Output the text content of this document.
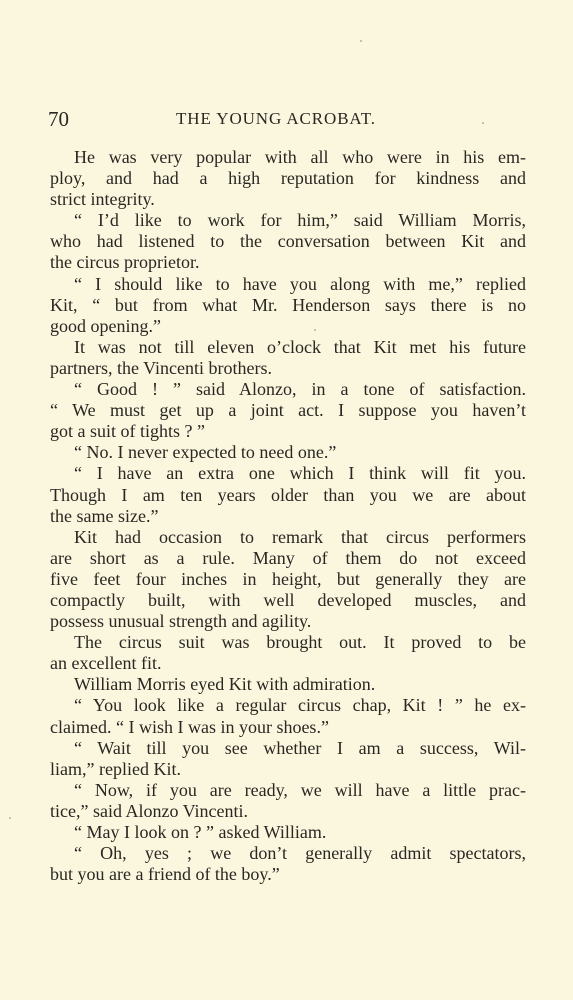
70	THE YOUNG ACROBAT.
He was very popular with all who were in his em-
ploy, and had a high reputation for kindness and
strict integrity.
“ I’d like to work for him,” said William Morris,
who had listened to the conversation between Kit and
the circus proprietor.
“ I should like to have you along with me,” replied
Kit, “ but from what Mr. Henderson says there is no
good opening.”
It was not till eleven o’clock that Kit met his future
partners, the Vincenti brothers.
“ Good ! ” said Alonzo, in a tone of satisfaction.
“ We must get up a joint act. I suppose you haven’t
got a suit of tights ? ”
“ No. I never expected to need one.”
“ I have an extra one which I think will fit you.
Though I am ten years older than you we are about
the same size.”
Kit had occasion to remark that circus performers
are short as a rule. Many of them do not exceed
five feet four inches in height, but generally they are
compactly built, with well developed muscles, and
possess unusual strength and agility.
The circus suit was brought out. It proved to be
an excellent fit.
William Morris eyed Kit with admiration.
“ You look like a regular circus chap, Kit ! ” he ex-
claimed. “ I wish I was in your shoes.”
“ Wait till you see whether I am a success, Wil-
liam,” replied Kit.
“ Now, if you are ready, we will have a little prac-
tice,” said Alonzo Vincenti.
“ May I look on ? ” asked William.
“ Oh, yes ; we don’t generally admit spectators,
but you are a friend of the boy.”
